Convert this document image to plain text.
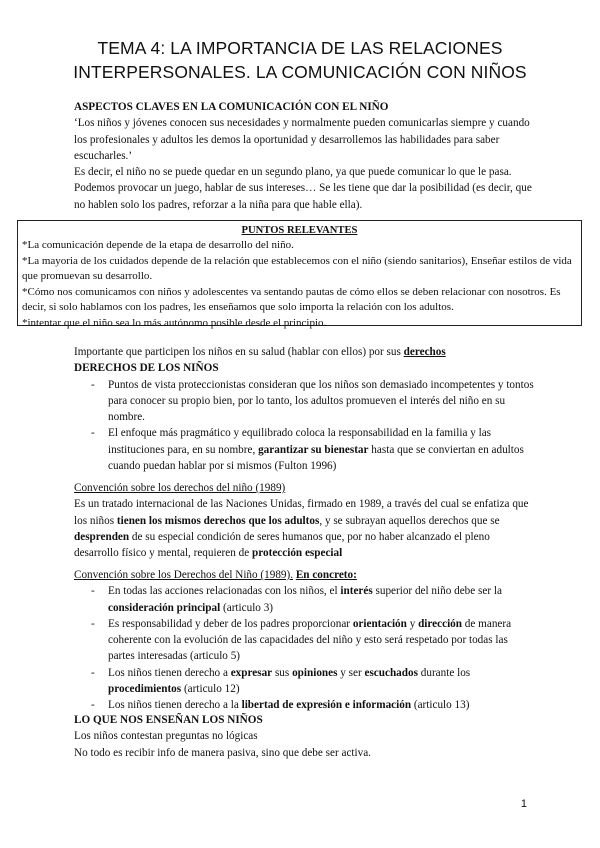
TEMA 4: LA IMPORTANCIA DE LAS RELACIONES
INTERPERSONALES. LA COMUNICACIÓN CON NIÑOS

ASPECTOS CLAVES EN LA COMUNICACIÓN CON EL NIÑO

‘Los niños y jóvenes conocen sus necesidades y normalmente pueden comunicarlas siempre y cuando los profesionales y adultos les demos la oportunidad y desarrollemos las habilidades para saber escucharles.’

Es decir, el niño no se puede quedar en un segundo plano, ya que puede comunicar lo que le pasa. Podemos provocar un juego, hablar de sus intereses… Se les tiene que dar la posibilidad (es decir, que no hablen solo los padres, reforzar a la niña para que hable ella).

PUNTOS RELEVANTES

*La comunicación depende de la etapa de desarrollo del niño.

*La mayoria de los cuidados depende de la relación que establecemos con el niño (siendo sanitarios), Enseñar estilos de vida que promuevan su desarrollo.

*Cómo nos comunicamos con niños y adolescentes va sentando pautas de cómo ellos se deben relacionar con nosotros. Es decir, si solo hablamos con los padres, les enseñamos que solo importa la relación con los adultos.

*intentar que el niño sea lo más autónomo posible desde el principio.

Importante que participen los niños en su salud (hablar con ellos) por sus derechos

DERECHOS DE LOS NIÑOS

- Puntos de vista proteccionistas consideran que los niños son demasiado incompetentes y tontos para conocer su propio bien, por lo tanto, los adultos promueven el interés del niño en su nombre.
- El enfoque más pragmático y equilibrado coloca la responsabilidad en la familia y las instituciones para, en su nombre, garantizar su bienestar hasta que se conviertan en adultos cuando puedan hablar por si mismos (Fulton 1996)

Convención sobre los derechos del niño (1989)

Es un tratado internacional de las Naciones Unidas, firmado en 1989, a través del cual se enfatiza que los niños tienen los mismos derechos que los adultos, y se subrayan aquellos derechos que se desprenden de su especial condición de seres humanos que, por no haber alcanzado el pleno desarrollo físico y mental, requieren de protección especial

Convención sobre los Derechos del Niño (1989). En concreto:

- En todas las acciones relacionadas con los niños, el interés superior del niño debe ser la consideración principal (articulo 3)
- Es responsabilidad y deber de los padres proporcionar orientación y dirección de manera coherente con la evolución de las capacidades del niño y esto será respetado por todas las partes interesadas (articulo 5)
- Los niños tienen derecho a expresar sus opiniones y ser escuchados durante los procedimientos (articulo 12)
- Los niños tienen derecho a la libertad de expresión e información (articulo 13)

LO QUE NOS ENSEÑAN LOS NIÑOS

Los niños contestan preguntas no lógicas

No todo es recibir info de manera pasiva, sino que debe ser activa.

1
